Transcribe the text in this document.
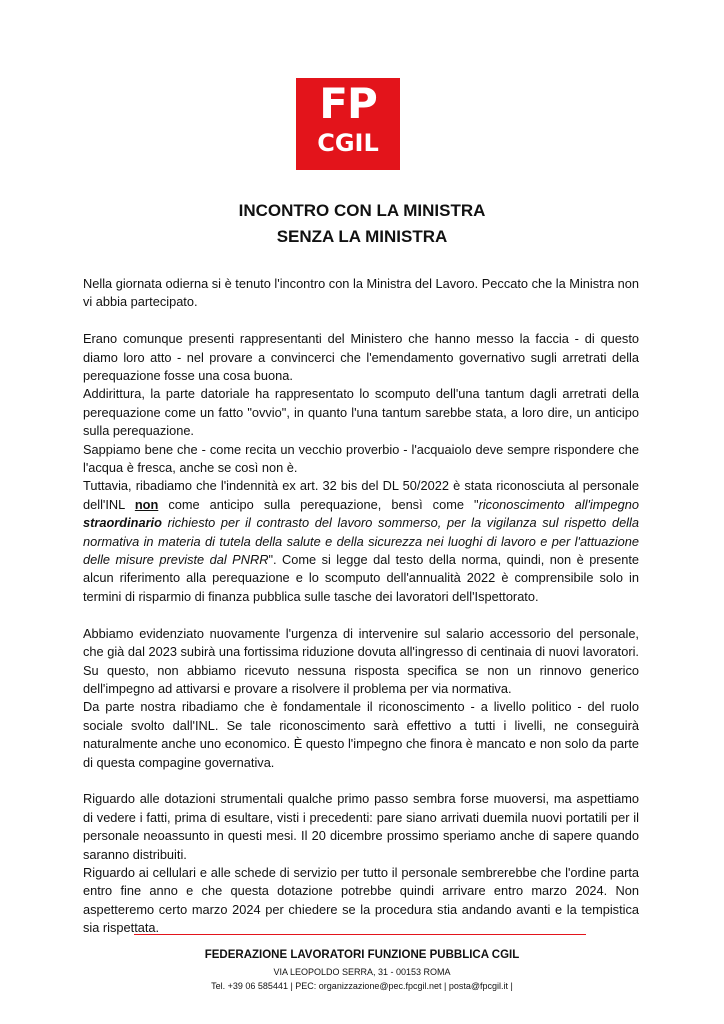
FP
CGIL
INCONTRO CON LA MINISTRA
SENZA LA MINISTRA

Nella giornata odierna si è tenuto l'incontro con la Ministra del Lavoro. Peccato che la Ministra non vi abbia partecipato.

Erano comunque presenti rappresentanti del Ministero che hanno messo la faccia - di questo diamo loro atto - nel provare a convincerci che l'emendamento governativo sugli arretrati della perequazione fosse una cosa buona.

Addirittura, la parte datoriale ha rappresentato lo scomputo dell'una tantum dagli arretrati della perequazione come un fatto "ovvio", in quanto l'una tantum sarebbe stata, a loro dire, un anticipo sulla perequazione.

Sappiamo bene che - come recita un vecchio proverbio - l'acquaiolo deve sempre rispondere che l'acqua è fresca, anche se così non è.

Tuttavia, ribadiamo che l'indennità ex art. 32 bis del DL 50/2022 è stata riconosciuta al personale dell'INL non come anticipo sulla perequazione, bensì come "riconoscimento all'impegno straordinario richiesto per il contrasto del lavoro sommerso, per la vigilanza sul rispetto della normativa in materia di tutela della salute e della sicurezza nei luoghi di lavoro e per l'attuazione delle misure previste dal PNRR". Come si legge dal testo della norma, quindi, non è presente alcun riferimento alla perequazione e lo scomputo dell'annualità 2022 è comprensibile solo in termini di risparmio di finanza pubblica sulle tasche dei lavoratori dell'Ispettorato.

Abbiamo evidenziato nuovamente l'urgenza di intervenire sul salario accessorio del personale, che già dal 2023 subirà una fortissima riduzione dovuta all'ingresso di centinaia di nuovi lavoratori. Su questo, non abbiamo ricevuto nessuna risposta specifica se non un rinnovo generico dell'impegno ad attivarsi e provare a risolvere il problema per via normativa.

Da parte nostra ribadiamo che è fondamentale il riconoscimento - a livello politico - del ruolo sociale svolto dall'INL. Se tale riconoscimento sarà effettivo a tutti i livelli, ne conseguirà naturalmente anche uno economico. È questo l'impegno che finora è mancato e non solo da parte di questa compagine governativa.

Riguardo alle dotazioni strumentali qualche primo passo sembra forse muoversi, ma aspettiamo di vedere i fatti, prima di esultare, visti i precedenti: pare siano arrivati duemila nuovi portatili per il personale neoassunto in questi mesi. Il 20 dicembre prossimo speriamo anche di sapere quando saranno distribuiti.

Riguardo ai cellulari e alle schede di servizio per tutto il personale sembrerebbe che l'ordine parta entro fine anno e che questa dotazione potrebbe quindi arrivare entro marzo 2024. Non aspetteremo certo marzo 2024 per chiedere se la procedura stia andando avanti e la tempistica sia rispettata.

FEDERAZIONE LAVORATORI FUNZIONE PUBBLICA CGIL
VIA LEOPOLDO SERRA, 31 - 00153 ROMA
Tel. +39 06 585441 | PEC: organizzazione@pec.fpcgil.net | posta@fpcgil.it |
